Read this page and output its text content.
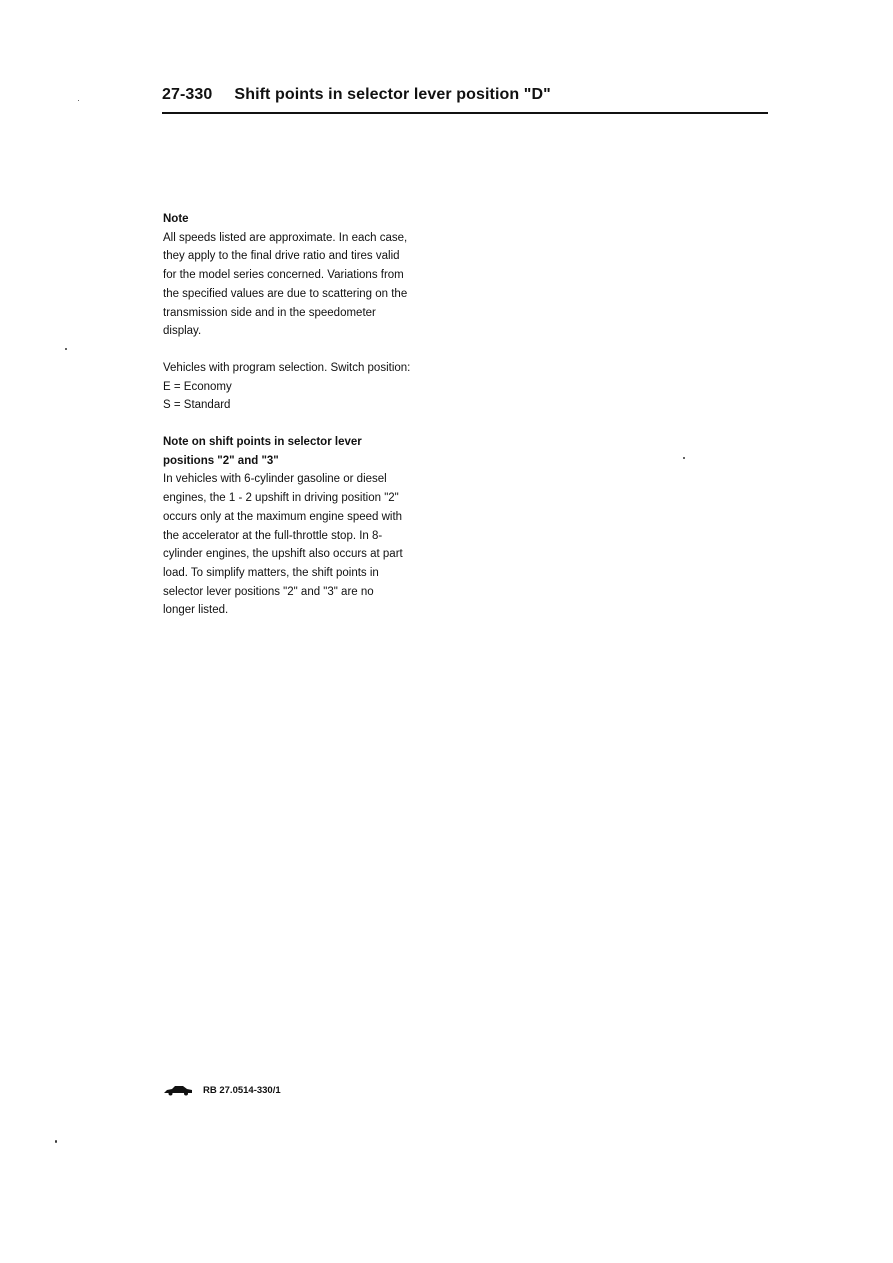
27-330 Shift points in selector lever position "D"

Note

All speeds listed are approximate. In each case,

they apply to the final drive ratio and tires valid

for the model series concerned. Variations from

the specified values are due to scattering on the

transmission side and in the speedometer

display.

Vehicles with program selection. Switch position:

E = Economy

S = Standard

Note on shift points in selector lever

positions "2" and "3"

In vehicles with 6-cylinder gasoline or diesel

engines, the 1 - 2 upshift in driving position "2"

occurs only at the maximum engine speed with

the accelerator at the full-throttle stop. In 8-

cylinder engines, the upshift also occurs at part

load. To simplify matters, the shift points in

selector lever positions "2" and "3" are no

longer listed.

RB 27.0514-330/1
